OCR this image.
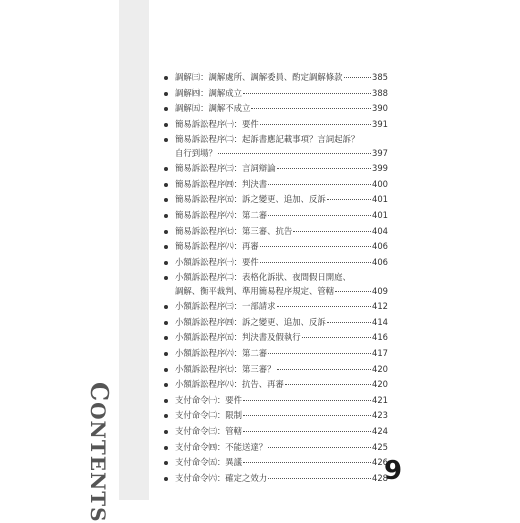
CONTENTS
調解㈢：調解處所、調解委員、酌定調解條款	385
調解㈣：調解成立	388
調解㈤：調解不成立	390
簡易訴訟程序㈠：要件	391
簡易訴訟程序㈡：起訴書應記載事項？言詞起訴？
自行到場？	397
簡易訴訟程序㈢：言詞辯論	399
簡易訴訟程序㈣：判決書	400
簡易訴訟程序㈤：訴之變更、追加、反訴	401
簡易訴訟程序㈥：第二審	401
簡易訴訟程序㈦：第三審、抗告	404
簡易訴訟程序㈧：再審	406
小額訴訟程序㈠：要件	406
小額訴訟程序㈡：表格化訴狀、夜間假日開庭、
調解、衡平裁判、準用簡易程序規定、管轄	409
小額訴訟程序㈢：一部請求	412
小額訴訟程序㈣：訴之變更、追加、反訴	414
小額訴訟程序㈤：判決書及假執行	416
小額訴訟程序㈥：第二審	417
小額訴訟程序㈦：第三審？	420
小額訴訟程序㈧：抗告、再審	420
支付命令㈠：要件	421
支付命令㈡：限制	423
支付命令㈢：管轄	424
支付命令㈣：不能送達？	425
支付命令㈤：異議	426
支付命令㈥：確定之效力	428
9
